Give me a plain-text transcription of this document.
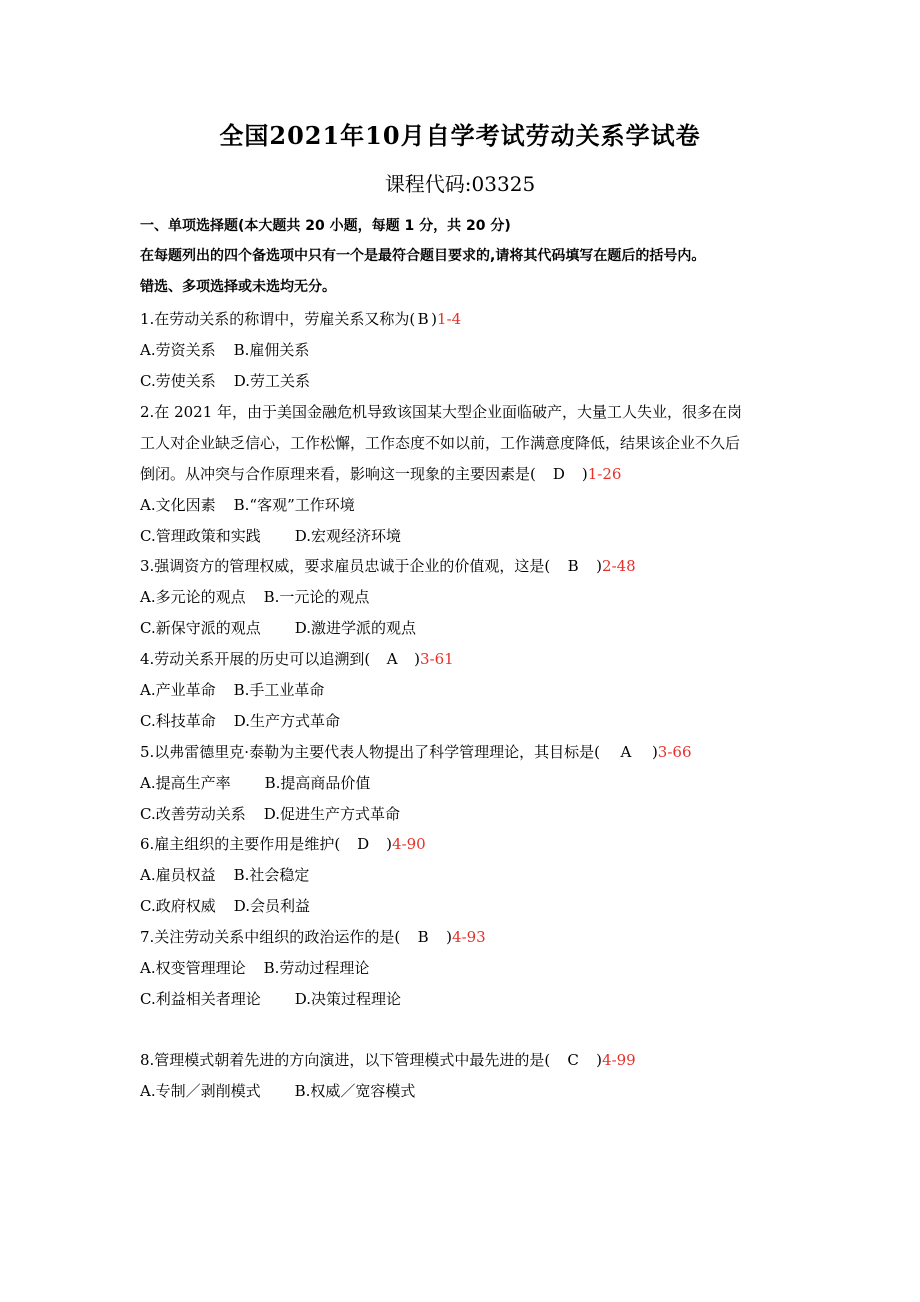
全国2021年10月自学考试劳动关系学试卷
课程代码:03325
一、单项选择题(本大题共 20 小题，每题 1 分，共 20 分)
在每题列出的四个备选项中只有一个是最符合题目要求的,请将其代码填写在题后的括号内。
错选、多项选择或未选均无分。
1.在劳动关系的称谓中，劳雇关系又称为( B )1-4
A.劳资关系 B.雇佣关系
C.劳使关系 D.劳工关系
2.在 2021 年，由于美国金融危机导致该国某大型企业面临破产，大量工人失业，很多在岗
工人对企业缺乏信心，工作松懈，工作态度不如以前，工作满意度降低，结果该企业不久后
倒闭。从冲突与合作原理来看，影响这一现象的主要因素是( D )1-26
A.文化因素 B.“客观”工作环境
C.管理政策和实践 D.宏观经济环境
3.强调资方的管理权威，要求雇员忠诚于企业的价值观，这是( B )2-48
A.多元论的观点 B.一元论的观点
C.新保守派的观点 D.激进学派的观点
4.劳动关系开展的历史可以追溯到( A )3-61
A.产业革命 B.手工业革命
C.科技革命 D.生产方式革命
5.以弗雷德里克·泰勒为主要代表人物提出了科学管理理论，其目标是( A )3-66
A.提高生产率 B.提高商品价值
C.改善劳动关系 D.促进生产方式革命
6.雇主组织的主要作用是维护( D )4-90
A.雇员权益 B.社会稳定
C.政府权威 D.会员利益
7.关注劳动关系中组织的政治运作的是( B )4-93
A.权变管理理论 B.劳动过程理论
C.利益相关者理论 D.决策过程理论
8.管理模式朝着先进的方向演进，以下管理模式中最先进的是( C )4-99
A.专制／剥削模式 B.权威／宽容模式
